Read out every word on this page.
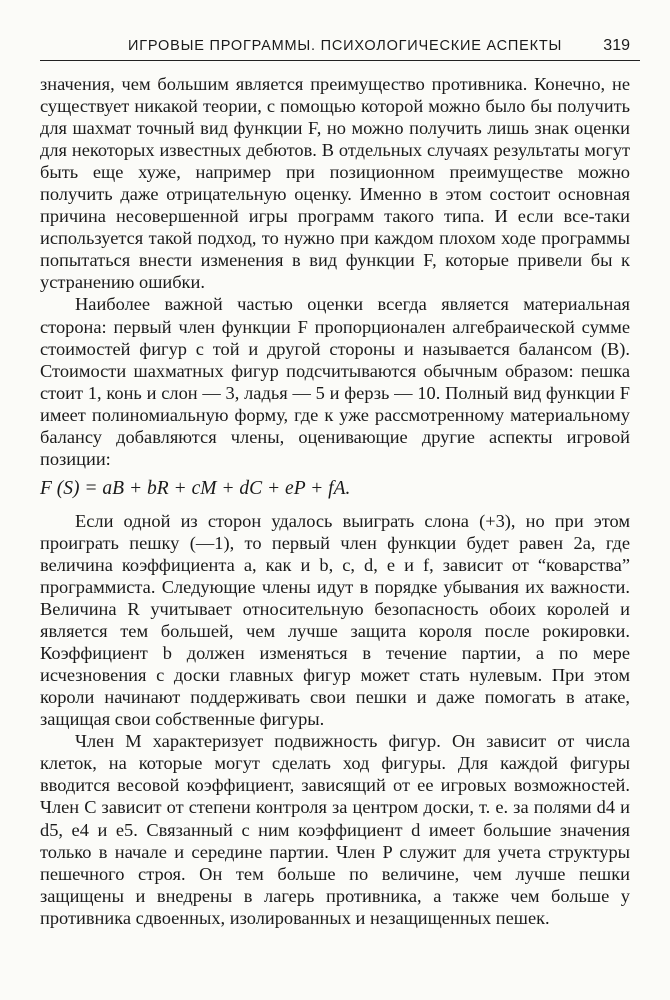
ИГРОВЫЕ ПРОГРАММЫ. ПСИХОЛОГИЧЕСКИЕ АСПЕКТЫ	319

значения, чем большим является преимущество противника. Конечно, не существует никакой теории, с помощью которой можно было бы получить для шахмат точный вид функции F, но можно получить лишь знак оценки для некоторых известных дебютов. В отдельных случаях результаты могут быть еще хуже, например при позиционном преимуществе можно получить даже отрицательную оценку. Именно в этом состоит основная причина несовершенной игры программ такого типа. И если все-таки используется такой подход, то нужно при каждом плохом ходе программы попытаться внести изменения в вид функции F, которые привели бы к устранению ошибки.

Наиболее важной частью оценки всегда является материальная сторона: первый член функции F пропорционален алгебраической сумме стоимостей фигур с той и другой стороны и называется балансом (B). Стоимости шахматных фигур подсчитываются обычным образом: пешка стоит 1, конь и слон — 3, ладья — 5 и ферзь — 10. Полный вид функции F имеет полиномиальную форму, где к уже рассмотренному материальному балансу добавляются члены, оценивающие другие аспекты игровой позиции:

F (S) = aB + bR + cM + dC + eP + fA.

Если одной из сторон удалось выиграть слона (+3), но при этом проиграть пешку (—1), то первый член функции будет равен 2a, где величина коэффициента a, как и b, c, d, e и f, зависит от “коварства” программиста. Следующие члены идут в порядке убывания их важности. Величина R учитывает относительную безопасность обоих королей и является тем большей, чем лучше защита короля после рокировки. Коэффициент b должен изменяться в течение партии, а по мере исчезновения с доски главных фигур может стать нулевым. При этом короли начинают поддерживать свои пешки и даже помогать в атаке, защищая свои собственные фигуры.

Член M характеризует подвижность фигур. Он зависит от числа клеток, на которые могут сделать ход фигуры. Для каждой фигуры вводится весовой коэффициент, зависящий от ее игровых возможностей. Член C зависит от степени контроля за центром доски, т. е. за полями d4 и d5, e4 и e5. Связанный с ним коэффициент d имеет большие значения только в начале и середине партии. Член P служит для учета структуры пешечного строя. Он тем больше по величине, чем лучше пешки защищены и внедрены в лагерь противника, а также чем больше у противника сдвоенных, изолированных и незащищенных пешек.
